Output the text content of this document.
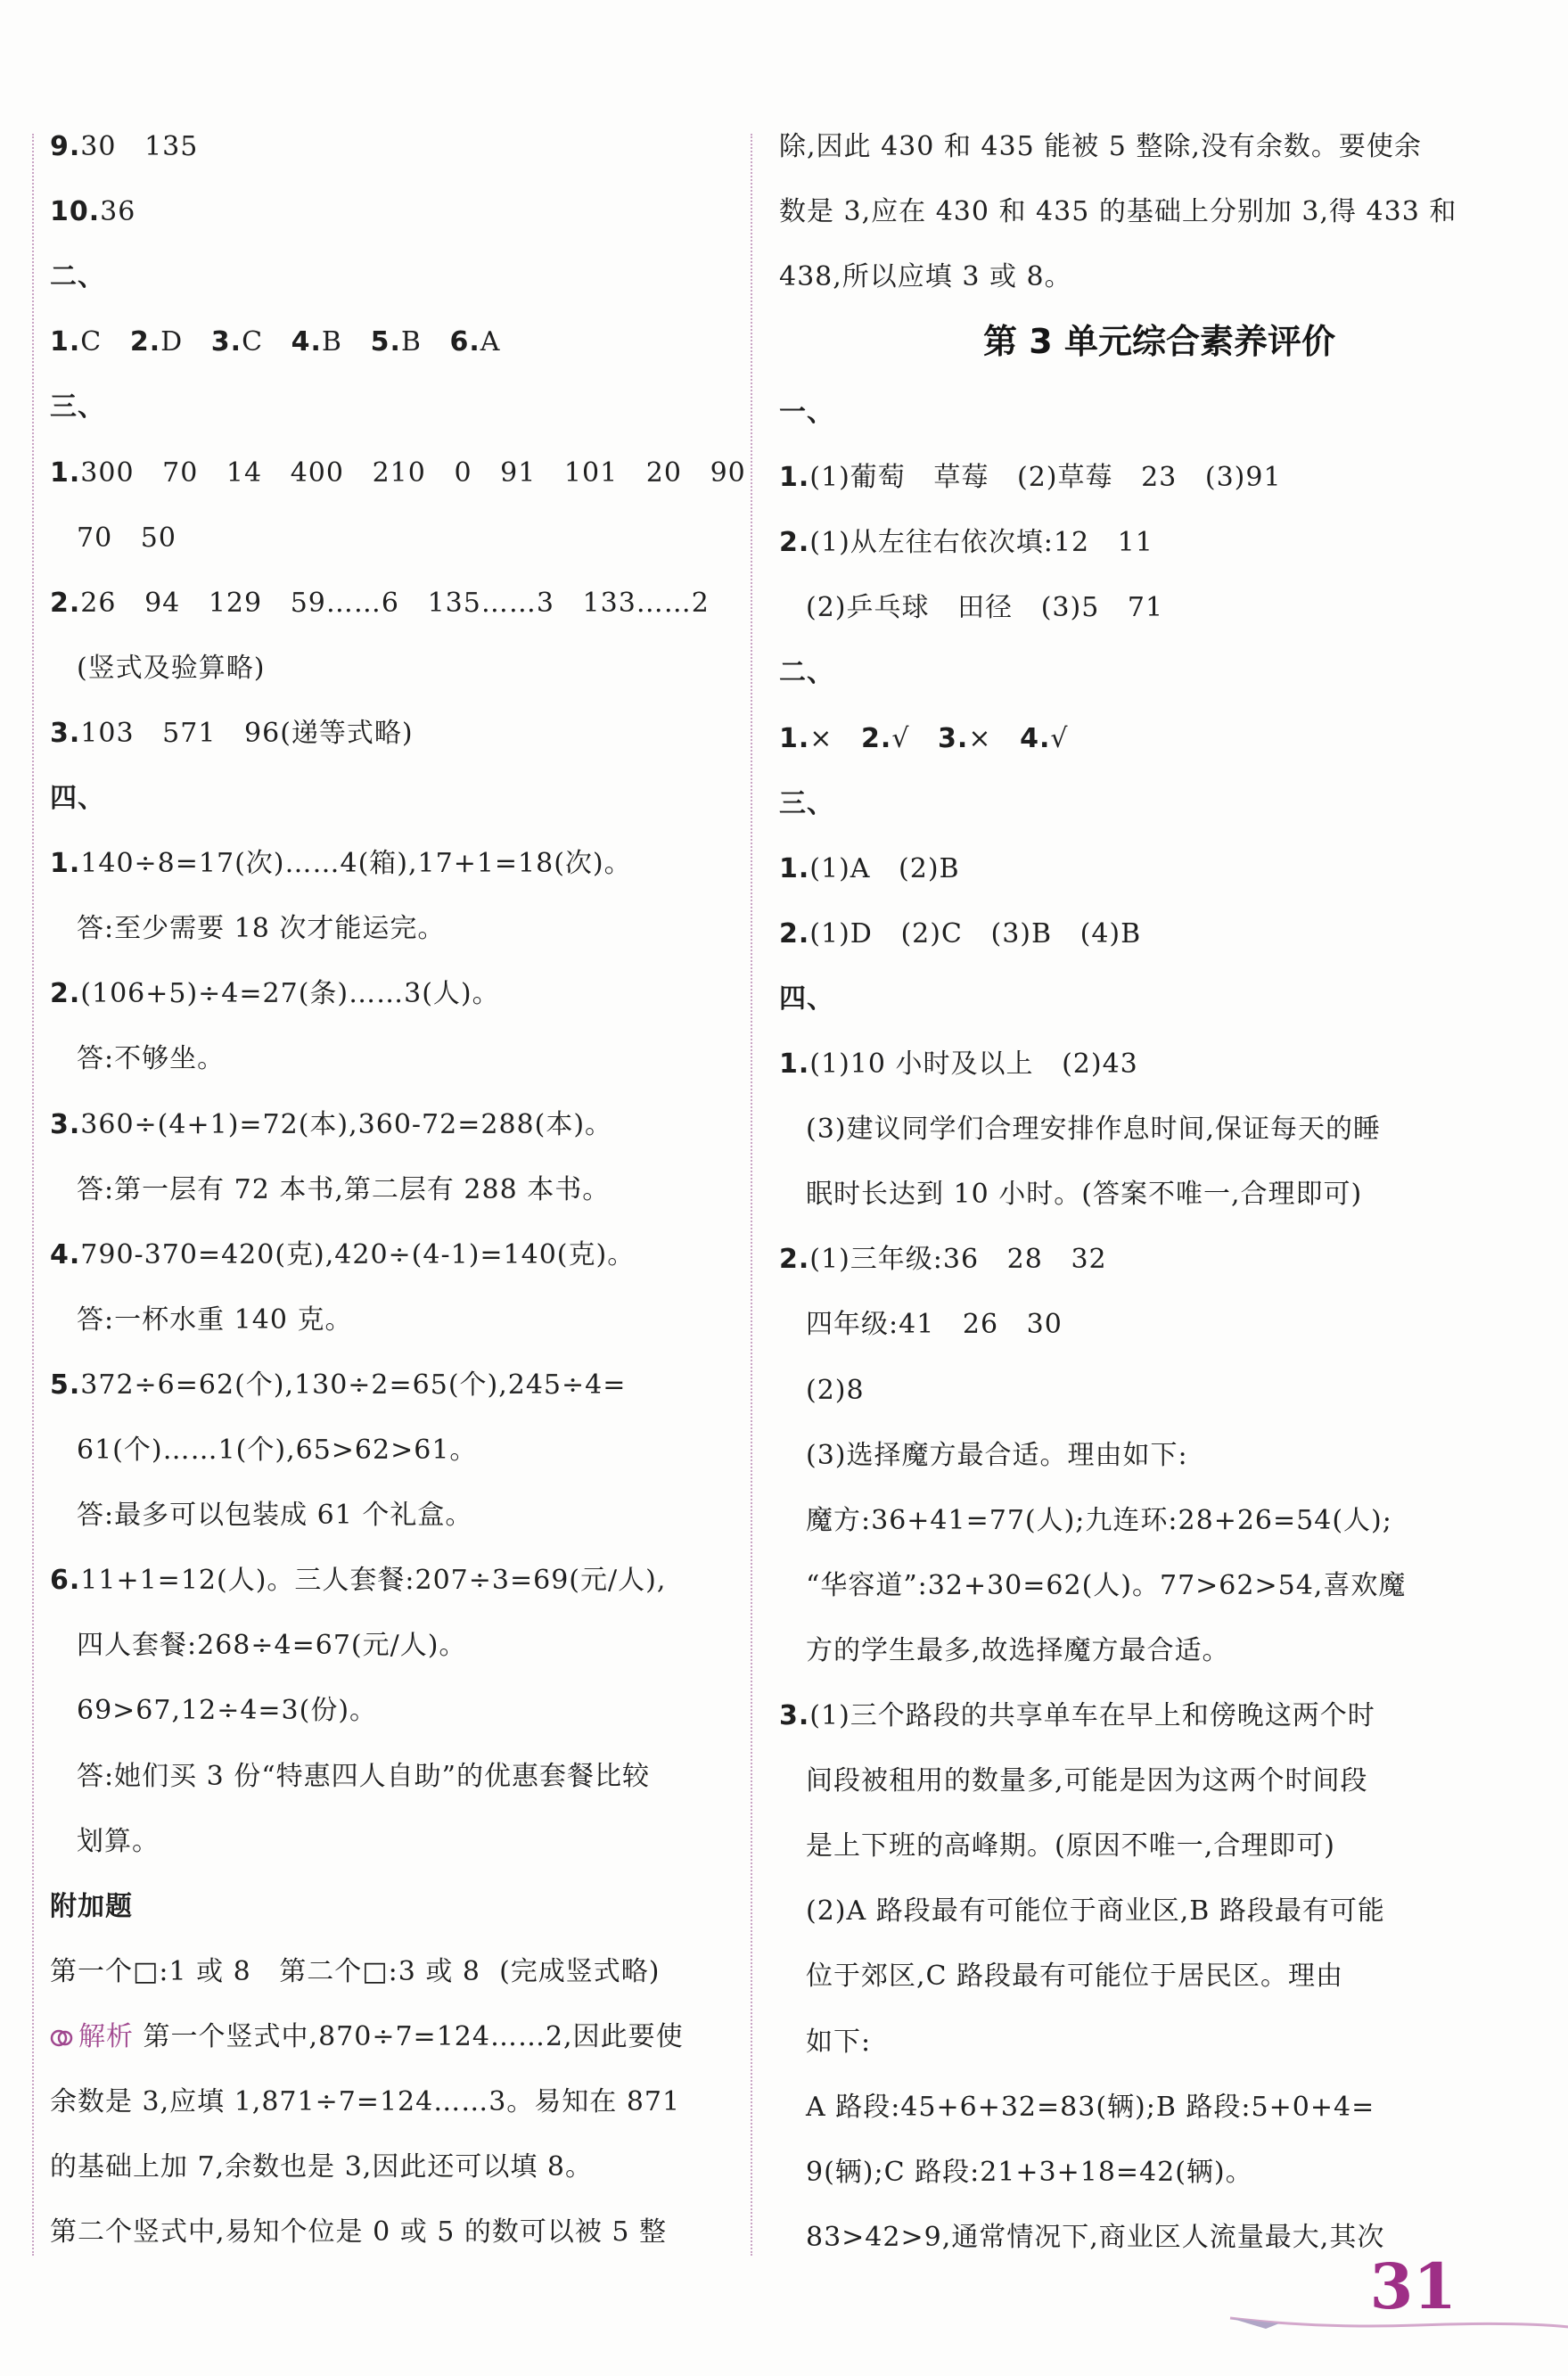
9.30   135
10.36
二、
1.C   2.D   3.C   4.B   5.B   6.A
三、
1.300   70   14   400   210   0   91   101   20   90
70   50
2.26   94   129   59……6   135……3   133……2
(竖式及验算略)
3.103   571   96(递等式略)
四、
1.140÷8=17(次)……4(箱),17+1=18(次)。
答:至少需要 18 次才能运完。
2.(106+5)÷4=27(条)……3(人)。
答:不够坐。
3.360÷(4+1)=72(本),360-72=288(本)。
答:第一层有 72 本书,第二层有 288 本书。
4.790-370=420(克),420÷(4-1)=140(克)。
答:一杯水重 140 克。
5.372÷6=62(个),130÷2=65(个),245÷4=
61(个)……1(个),65>62>61。
答:最多可以包装成 61 个礼盒。
6.11+1=12(人)。三人套餐:207÷3=69(元/人),
四人套餐:268÷4=67(元/人)。
69>67,12÷4=3(份)。
答:她们买 3 份“特惠四人自助”的优惠套餐比较
划算。
附加题
第一个□:1 或 8   第二个□:3 或 8  (完成竖式略)
解析 第一个竖式中,870÷7=124……2,因此要使
余数是 3,应填 1,871÷7=124……3。易知在 871
的基础上加 7,余数也是 3,因此还可以填 8。
第二个竖式中,易知个位是 0 或 5 的数可以被 5 整
除,因此 430 和 435 能被 5 整除,没有余数。要使余
数是 3,应在 430 和 435 的基础上分别加 3,得 433 和
438,所以应填 3 或 8。
第 3 单元综合素养评价
一、
1.(1)葡萄   草莓   (2)草莓   23   (3)91
2.(1)从左往右依次填:12   11
(2)乒乓球   田径   (3)5   71
二、
1.×   2.√   3.×   4.√
三、
1.(1)A   (2)B
2.(1)D   (2)C   (3)B   (4)B
四、
1.(1)10 小时及以上   (2)43
(3)建议同学们合理安排作息时间,保证每天的睡
眠时长达到 10 小时。(答案不唯一,合理即可)
2.(1)三年级:36   28   32
四年级:41   26   30
(2)8
(3)选择魔方最合适。理由如下:
魔方:36+41=77(人);九连环:28+26=54(人);
“华容道”:32+30=62(人)。77>62>54,喜欢魔
方的学生最多,故选择魔方最合适。
3.(1)三个路段的共享单车在早上和傍晚这两个时
间段被租用的数量多,可能是因为这两个时间段
是上下班的高峰期。(原因不唯一,合理即可)
(2)A 路段最有可能位于商业区,B 路段最有可能
位于郊区,C 路段最有可能位于居民区。理由
如下:
A 路段:45+6+32=83(辆);B 路段:5+0+4=
9(辆);C 路段:21+3+18=42(辆)。
83>42>9,通常情况下,商业区人流量最大,其次
31
